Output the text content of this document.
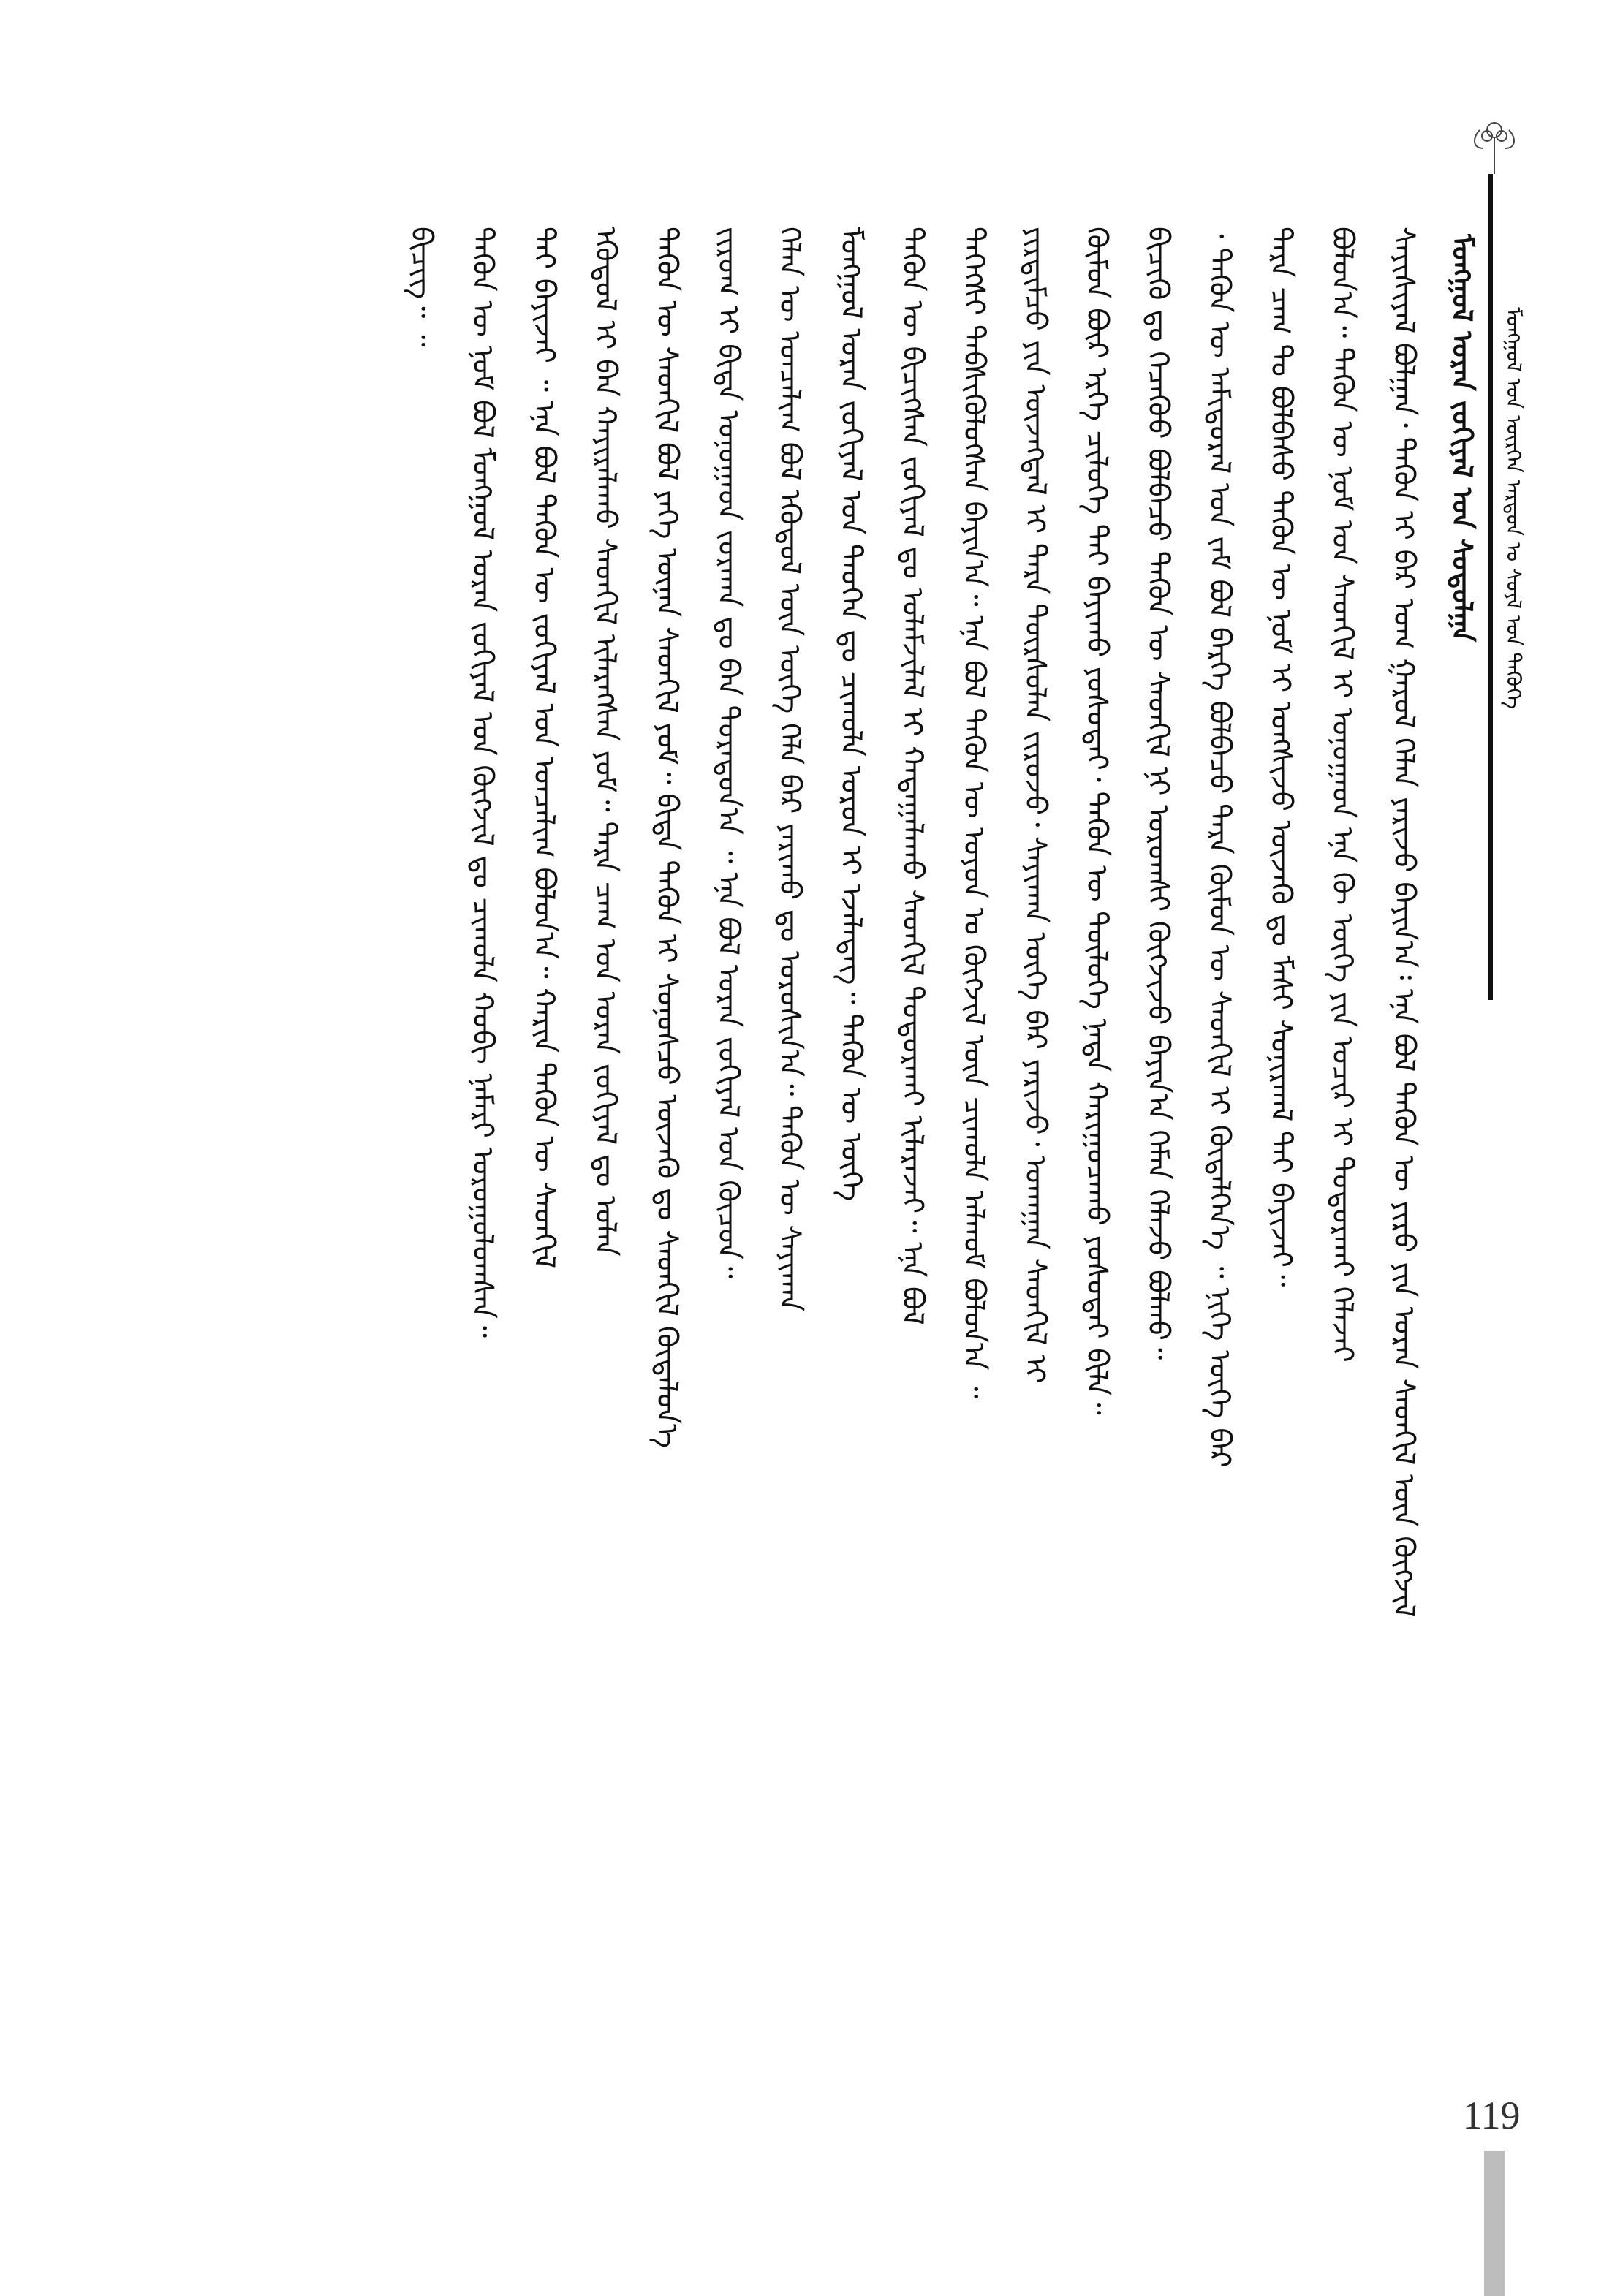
ᠮᠣᠩᠭᠣᠯ ᠤᠷᠠᠨ ᠵᠣᠬᠢᠶᠠᠯ ᠤᠨ ᠰᠤᠳᠤᠯᠭᠠ ᠮᠣᠩᠭᠣᠯ ᠤᠨ ᠥᠷᠭᠡᠨ ᠠᠷᠳᠤᠨ ᠤ ᠰᠤᠶᠯ ᠤᠨ ᠲᠡᠭᠦᠬᠡ
ᠰᠠᠶᠢᠰᠢᠶᠠᠯ ᠪᠣᠯᠭᠠᠨ᠂ ᠲᠡᠭᠦᠨ ᠢ ᠪᠠᠷ ᠤᠭ ᠭᠠᠷᠤᠯ ᠬᠡᠯᠡᠨ ᠶᠠᠷᠢᠵᠤ ᠪᠠᠶᠢᠨ᠎ᠠ᠄ ᠡᠨᠡ ᠪᠣᠯ ᠲᠡᠭᠦᠨ ᠦ ᠶᠢᠷᠦ ᠶᠢᠨ ᠤᠷᠠᠨ ᠰᠡᠳᠬᠢᠯ ᠦᠨ ᠬᠥᠭᠵᠢᠯ
ᠪᠣᠯᠤᠨ᠎ᠠ᠃ ᠲᠡᠭᠦᠨ ᠦ ᠨᠣᠮ ᠤᠨ ᠰᠡᠳᠬᠢᠯ ᠢ ᠤᠨᠤᠭᠠᠳ ᠡᠨᠡ ᠬᠦ ᠦᠭᠡ ᠶᠢᠨ ᠤᠴᠢᠷ ᠢ ᠲᠣᠳᠤᠷᠬᠠᠢ ᠬᠡᠯᠡᠵᠡᠢ
ᠲᠡᠷᠡ ᠴᠠᠭ ᠲᠤ ᠪᠣᠯᠪᠠᠰᠤ ᠲᠡᠭᠦᠨ ᠦ ᠨᠣᠮ ᠢ ᠤᠩᠰᠢᠵᠤ ᠦᠵᠡᠬᠦ ᠳᠤ ᠮᠠᠰᠢ ᠰᠣᠨᠢᠷᠬᠠᠯ ᠲᠠᠢ ᠪᠠᠶᠢᠵᠠᠢ᠃
᠂ ᠲᠡᠭᠦᠨ ᠦ ᠠᠮᠢᠳᠤᠷᠠᠯ ᠤᠨ ᠵᠠᠮ ᠪᠣᠯ ᠪᠡᠷᠬᠡ ᠪᠣᠯᠪᠠᠴᠤ ᠲᠡᠷᠡ ᠬᠦᠮᠦᠨ ᠦ ᠰᠡᠳᠬᠢᠯ ᠢ ᠬᠥᠳᠡᠯᠭᠡᠨ᠎ᠡ ᠃ ᠨᠢᠭᠡ ᠦᠭᠡ ᠪᠡᠷ
ᠪᠢᠴᠢᠬᠦ ᠳᠤ ᠬᠡᠴᠡᠭᠦᠦ ᠪᠣᠯᠪᠠᠴᠤ ᠲᠡᠭᠦᠨ ᠦ ᠰᠡᠳᠬᠢᠯ ᠨᠢ ᠤᠷᠤᠭᠰᠢ ᠬᠥᠭᠵᠢᠵᠦ ᠪᠠᠶᠢᠨ᠎ᠠ ᠬᠡᠮᠡᠨ ᠬᠡᠯᠡᠵᠦ ᠪᠣᠯᠬᠤ᠃
ᠬᠥᠮᠥᠨ ᠪᠦᠷ ᠡᠷᠬᠡ ᠴᠢᠯᠥᠭᠡ ᠲᠠᠢ ᠪᠠᠶᠢᠬᠤ ᠶᠣᠰᠤᠲᠠᠢ᠂ ᠲᠡᠭᠦᠨ ᠦ ᠲᠥᠯᠦᠭᠡ ᠨᠠᠳᠠ ᠬᠠᠷᠢᠭᠤᠴᠠᠬᠤ ᠶᠣᠰᠤᠲᠠᠢ ᠪᠢᠯᠡ᠃
ᠶᠢᠷᠲᠢᠮᠴᠦ ᠶᠢᠨ ᠦᠵᠡᠭᠳᠡᠯ ᠢ ᠲᠡᠷᠡ ᠳᠦᠷᠰᠦᠯᠡᠨ ᠵᠢᠷᠤᠵᠤ᠂ ᠰᠠᠶᠢᠬᠠᠨ ᠦᠭᠡ ᠪᠡᠷ ᠶᠠᠷᠢᠵᠤ᠂ ᠤᠬᠠᠭᠠᠨ ᠰᠡᠳᠬᠢᠯ ᠢ
ᠳᠡᠭᠡᠭᠰᠢ ᠳᠡᠪᠰᠢᠭᠦᠯᠦᠭᠰᠡᠨ ᠪᠠᠶᠢᠨ᠎ᠠ᠃ ᠡᠨᠡ ᠪᠣᠯ ᠲᠡᠭᠦᠨ ᠦ ᠣᠶᠤᠨ ᠤ ᠬᠥᠭᠵᠢᠯ ᠦᠨ ᠴᠢᠬᠤᠯᠠ ᠠᠯᠬᠤᠮ ᠪᠣᠯᠤᠨ᠎ᠠ ᠃
ᠲᠡᠭᠦᠨ ᠦ ᠪᠢᠴᠢᠭᠰᠡᠨ ᠵᠣᠬᠢᠶᠠᠯ ᠳᠤ ᠤᠯᠠᠮᠵᠢᠯᠠᠯ ᠢ ᠬᠠᠳᠠᠭᠠᠯᠠᠬᠤ ᠰᠡᠳᠬᠢᠯ ᠲᠣᠳᠤᠷᠬᠠᠢ ᠢᠯᠡᠷᠡᠵᠡᠢ᠃ ᠡᠨᠡ ᠪᠣᠯ
ᠮᠣᠩᠭᠣᠯ ᠤᠷᠠᠨ ᠵᠣᠬᠢᠶᠠᠯ ᠤᠨ ᠲᠡᠦᠬᠡᠨ ᠳᠤ ᠴᠢᠬᠤᠯᠠ ᠣᠷᠣᠨ ᠢ ᠡᠵᠡᠯᠡᠳᠡᠭ᠃ ᠲᠡᠭᠦᠨ ᠦ ᠦᠭᠡ
ᠬᠡᠯᠡᠨ ᠦ ᠣᠨᠴᠠᠯᠢᠭ ᠪᠣᠯ ᠡᠭᠦᠳᠦᠯ ᠦᠨ ᠦᠭᠡ ᠬᠡᠯᠡ ᠪᠡᠷ ᠶᠠᠷᠢᠬᠤ ᠳᠤ ᠣᠷᠣᠰᠢᠨ᠎ᠠ᠃ ᠲᠡᠭᠦᠨ ᠦ ᠰᠠᠶᠢᠬᠠᠨ
ᠵᠢᠷᠤᠭ ᠢ ᠪᠢᠳᠡ ᠤᠨᠤᠭᠠᠳ ᠵᠤᠷᠬᠠᠨ ᠳᠤ ᠪᠠᠨ ᠳᠤᠷᠠᠳᠤᠨ᠎ᠠ ᠃ ᠡᠨᠡ ᠪᠣᠯ ᠤᠷᠠᠨ ᠵᠣᠬᠢᠶᠠᠯ ᠤᠨ ᠬᠦᠴᠦᠨ᠃
ᠲᠡᠭᠦᠨ ᠦ ᠰᠡᠳᠬᠢᠯ ᠪᠣᠯ ᠶᠡᠬᠡ ᠦᠨᠡᠨ ᠰᠡᠳᠬᠢᠯ ᠶᠤᠮ᠃ ᠪᠢᠳᠡ ᠲᠡᠭᠦᠨ ᠢ ᠰᠣᠨᠣᠰᠴᠤ ᠦᠵᠡᠬᠦ ᠳᠤ ᠰᠡᠳᠬᠢᠯ ᠬᠥᠳᠡᠯᠦᠨ᠎ᠡ
ᠡᠭᠦᠳᠦᠯ ᠢ ᠪᠠᠨ ᠬᠠᠶᠢᠷᠠᠯᠠᠬᠤ ᠰᠡᠳᠬᠢᠯ ᠢᠯᠡᠷᠡᠭᠰᠡᠨ ᠶᠤᠮ᠃ ᠲᠡᠷᠡ ᠴᠠᠭ ᠤᠨ ᠤᠷᠠᠨ ᠵᠣᠬᠢᠶᠠᠯ ᠳᠤ ᠣᠯᠠᠨ
ᠲᠠᠢ ᠪᠠᠶᠢᠵᠠᠢ ᠃ ᠡᠨᠡ ᠪᠣᠯ ᠲᠡᠭᠦᠨ ᠦ ᠵᠣᠬᠢᠶᠠᠯ ᠤᠨ ᠣᠨᠴᠠᠯᠢᠭ ᠪᠣᠯᠤᠨ᠎ᠠ᠃ ᠬᠠᠷᠢᠨ ᠲᠡᠭᠦᠨ ᠦ ᠰᠡᠳᠬᠢᠯ
ᠲᠡᠭᠦᠨ ᠦ ᠨᠣᠮ ᠪᠣᠯ ᠮᠣᠩᠭᠣᠯ ᠤᠷᠠᠨ ᠵᠣᠬᠢᠶᠠᠯ ᠤᠨ ᠬᠥᠭᠵᠢᠯ ᠳᠤ ᠴᠢᠬᠤᠯᠠ ᠬᠤᠪᠢ ᠨᠡᠮᠡᠷᠢ ᠣᠷᠣᠭᠤᠯᠤᠭᠰᠠᠨ᠃
ᠪᠢᠴᠢᠭ᠃ ᠃
119
